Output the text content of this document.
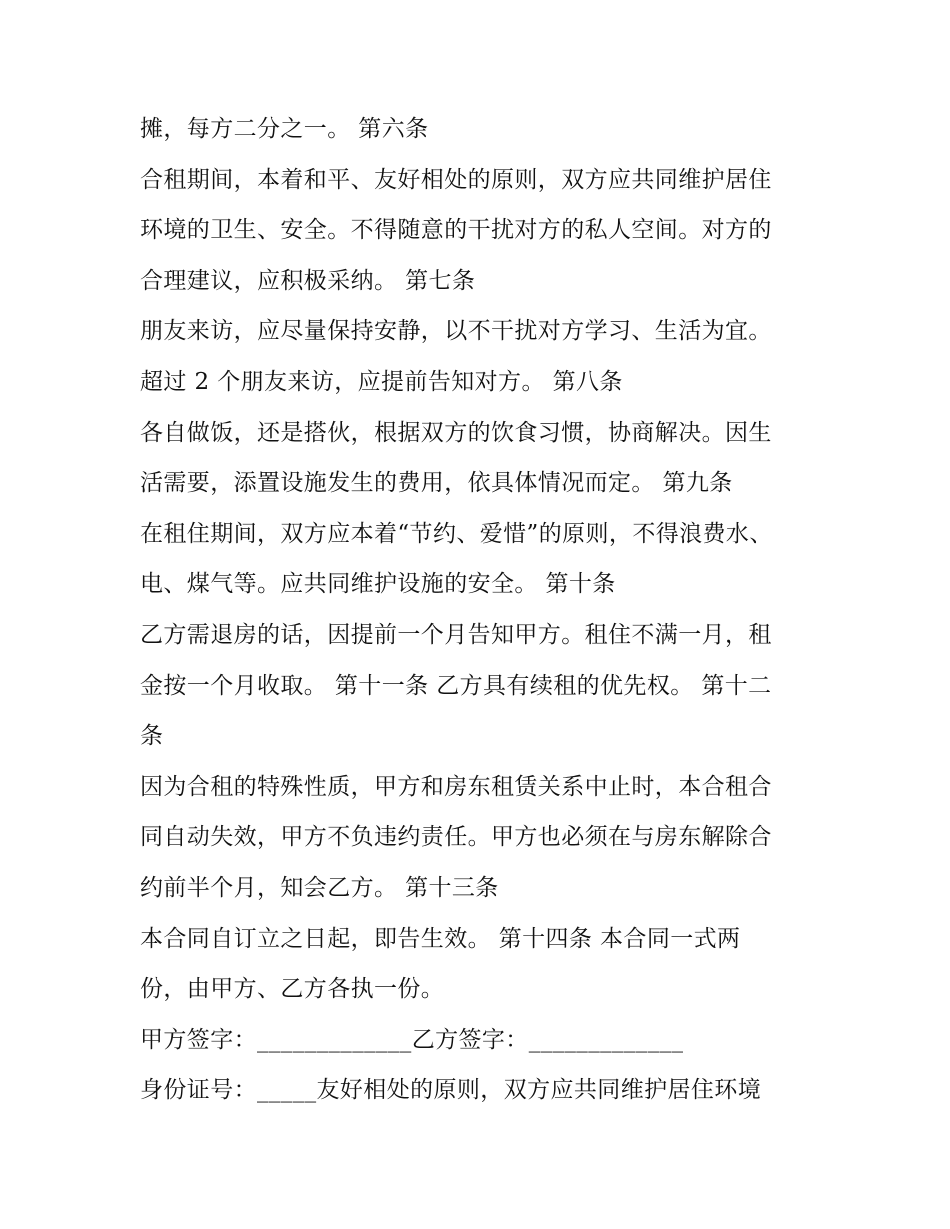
摊，每方二分之一。 第六条
合租期间，本着和平、友好相处的原则，双方应共同维护居住
环境的卫生、安全。不得随意的干扰对方的私人空间。对方的
合理建议，应积极采纳。 第七条
朋友来访，应尽量保持安静，以不干扰对方学习、生活为宜。
超过 2 个朋友来访，应提前告知对方。 第八条
各自做饭，还是搭伙，根据双方的饮食习惯，协商解决。因生
活需要，添置设施发生的费用，依具体情况而定。 第九条
在租住期间，双方应本着“节约、爱惜”的原则，不得浪费水、
电、煤气等。应共同维护设施的安全。 第十条
乙方需退房的话，因提前一个月告知甲方。租住不满一月，租
金按一个月收取。 第十一条 乙方具有续租的优先权。 第十二
条
因为合租的特殊性质，甲方和房东租赁关系中止时，本合租合
同自动失效，甲方不负违约责任。甲方也必须在与房东解除合
约前半个月，知会乙方。 第十三条
本合同自订立之日起，即告生效。 第十四条 本合同一式两
份，由甲方、乙方各执一份。
甲方签字：_____________乙方签字：_____________
身份证号：_____友好相处的原则，双方应共同维护居住环境
